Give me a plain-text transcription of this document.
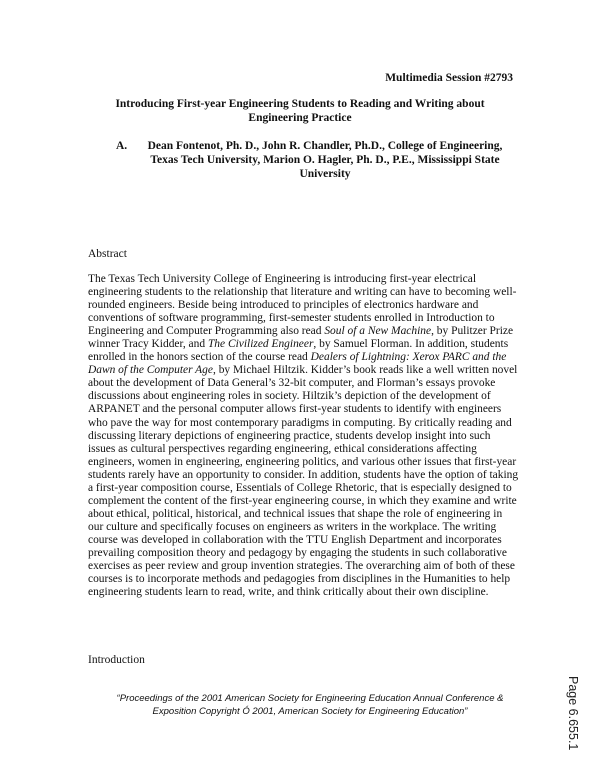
Multimedia Session #2793
Introducing First-year Engineering Students to Reading and Writing about
Engineering Practice
A.	Dean Fontenot, Ph. D., John R. Chandler, Ph.D., College of Engineering,
Texas Tech University, Marion O. Hagler, Ph. D., P.E., Mississippi State
University
Abstract
The Texas Tech University College of Engineering is introducing first-year electrical engineering students to the relationship that literature and writing can have to becoming well-rounded engineers. Beside being introduced to principles of electronics hardware and conventions of software programming, first-semester students enrolled in Introduction to Engineering and Computer Programming also read Soul of a New Machine, by Pulitzer Prize winner Tracy Kidder, and The Civilized Engineer, by Samuel Florman. In addition, students enrolled in the honors section of the course read Dealers of Lightning: Xerox PARC and the Dawn of the Computer Age, by Michael Hiltzik. Kidder’s book reads like a well written novel about the development of Data General’s 32-bit computer, and Florman’s essays provoke discussions about engineering roles in society. Hiltzik’s depiction of the development of ARPANET and the personal computer allows first-year students to identify with engineers who pave the way for most contemporary paradigms in computing. By critically reading and discussing literary depictions of engineering practice, students develop insight into such issues as cultural perspectives regarding engineering, ethical considerations affecting engineers, women in engineering, engineering politics, and various other issues that first-year students rarely have an opportunity to consider. In addition, students have the option of taking a first-year composition course, Essentials of College Rhetoric, that is especially designed to complement the content of the first-year engineering course, in which they examine and write about ethical, political, historical, and technical issues that shape the role of engineering in our culture and specifically focuses on engineers as writers in the workplace. The writing course was developed in collaboration with the TTU English Department and incorporates prevailing composition theory and pedagogy by engaging the students in such collaborative exercises as peer review and group invention strategies. The overarching aim of both of these courses is to incorporate methods and pedagogies from disciplines in the Humanities to help engineering students learn to read, write, and think critically about their own discipline.
Introduction
“Proceedings of the 2001 American Society for Engineering Education Annual Conference &
Exposition Copyright Ó 2001, American Society for Engineering Education”	Page 6.655.1
